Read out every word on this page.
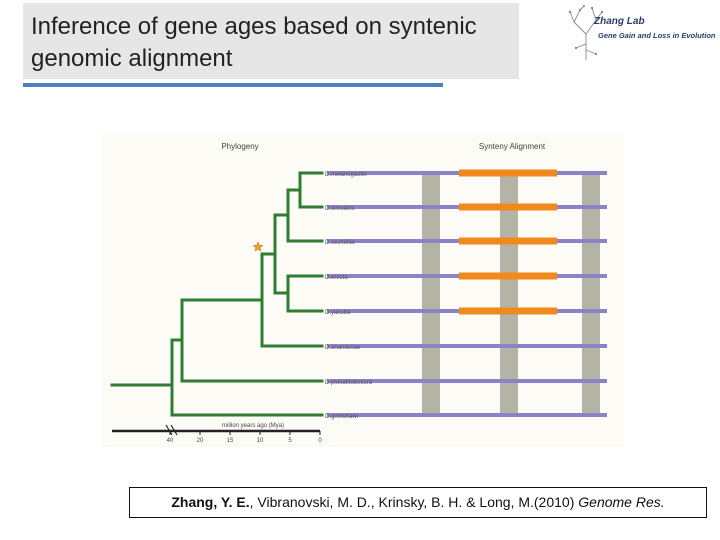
Inference of gene ages based on syntenic genomic alignment
Zhang Lab
Gene Gain and Loss in Evolution
Phylogeny	Synteny Alignment
D.melanogaster
D.simulans
D.sechellia
D.erecta
D.yakuba
D.ananassae
D.pseudoobscura
D.grimshawi
40	20	15	10	5	0
million years ago (Mya)
Zhang, Y. E., Vibranovski, M. D., Krinsky, B. H. & Long, M.(2010) Genome Res.
